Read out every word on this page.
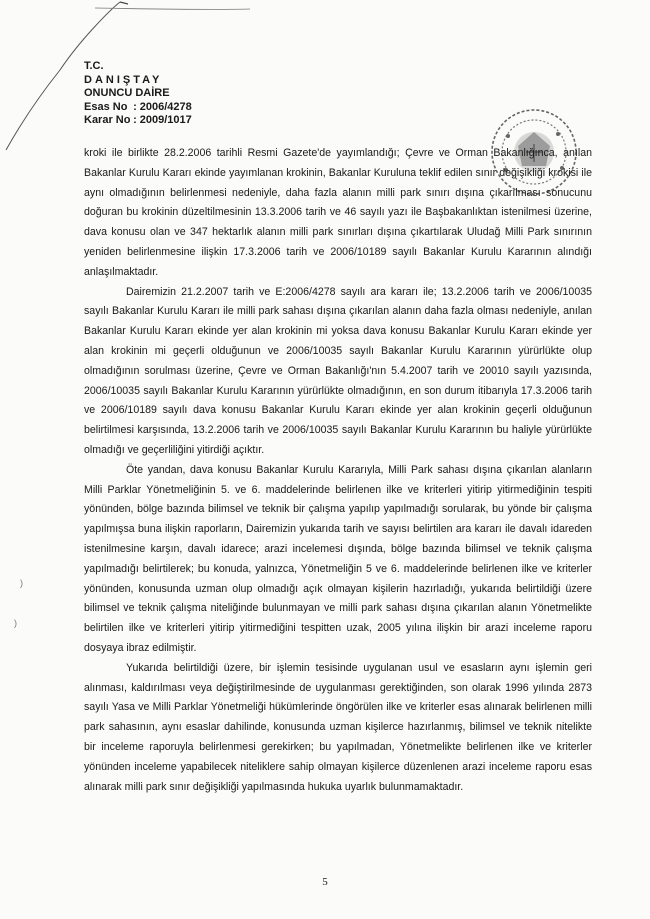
T.C.
DANIŞTAY
ONUNCU DAİRE
Esas No : 2006/4278
Karar No : 2009/1017

kroki ile birlikte 28.2.2006 tarihli Resmi Gazete'de yayımlandığı; Çevre ve Orman Bakanlığınca, anılan Bakanlar Kurulu Kararı ekinde yayımlanan krokinin, Bakanlar Kuruluna teklif edilen sınır değişikliği krokisi ile aynı olmadığının belirlenmesi nedeniyle, daha fazla alanın milli park sınırı dışına çıkarılması sonucunu doğuran bu krokinin düzeltilmesinin 13.3.2006 tarih ve 46 sayılı yazı ile Başbakanlıktan istenilmesi üzerine, dava konusu olan ve 347 hektarlık alanın milli park sınırları dışına çıkartılarak Uludağ Milli Park sınırının yeniden belirlenmesine ilişkin 17.3.2006 tarih ve 2006/10189 sayılı Bakanlar Kurulu Kararının alındığı anlaşılmaktadır.

Dairemizin 21.2.2007 tarih ve E:2006/4278 sayılı ara kararı ile; 13.2.2006 tarih ve 2006/10035 sayılı Bakanlar Kurulu Kararı ile milli park sahası dışına çıkarılan alanın daha fazla olması nedeniyle, anılan Bakanlar Kurulu Kararı ekinde yer alan krokinin mi yoksa dava konusu Bakanlar Kurulu Kararı ekinde yer alan krokinin mi geçerli olduğunun ve 2006/10035 sayılı Bakanlar Kurulu Kararının yürürlükte olup olmadığının sorulması üzerine, Çevre ve Orman Bakanlığı'nın 5.4.2007 tarih ve 20010 sayılı yazısında, 2006/10035 sayılı Bakanlar Kurulu Kararının yürürlükte olmadığının, en son durum itibarıyla 17.3.2006 tarih ve 2006/10189 sayılı dava konusu Bakanlar Kurulu Kararı ekinde yer alan krokinin geçerli olduğunun belirtilmesi karşısında, 13.2.2006 tarih ve 2006/10035 sayılı Bakanlar Kurulu Kararının bu haliyle yürürlükte olmadığı ve geçerliliğini yitirdiği açıktır.

Öte yandan, dava konusu Bakanlar Kurulu Kararıyla, Milli Park sahası dışına çıkarılan alanların Milli Parklar Yönetmeliğinin 5. ve 6. maddelerinde belirlenen ilke ve kriterleri yitirip yitirmediğinin tespiti yönünden, bölge bazında bilimsel ve teknik bir çalışma yapılıp yapılmadığı sorularak, bu yönde bir çalışma yapılmışsa buna ilişkin raporların, Dairemizin yukarıda tarih ve sayısı belirtilen ara kararı ile davalı idareden istenilmesine karşın, davalı idarece; arazi incelemesi dışında, bölge bazında bilimsel ve teknik çalışma yapılmadığı belirtilerek; bu konuda, yalnızca, Yönetmeliğin 5 ve 6. maddelerinde belirlenen ilke ve kriterler yönünden, konusunda uzman olup olmadığı açık olmayan kişilerin hazırladığı, yukarıda belirtildiği üzere bilimsel ve teknik çalışma niteliğinde bulunmayan ve milli park sahası dışına çıkarılan alanın Yönetmelikte belirtilen ilke ve kriterleri yitirip yitirmediğini tespitten uzak, 2005 yılına ilişkin bir arazi inceleme raporu dosyaya ibraz edilmiştir.

Yukarıda belirtildiği üzere, bir işlemin tesisinde uygulanan usul ve esasların aynı işlemin geri alınması, kaldırılması veya değiştirilmesinde de uygulanması gerektiğinden, son olarak 1996 yılında 2873 sayılı Yasa ve Milli Parklar Yönetmeliği hükümlerinde öngörülen ilke ve kriterler esas alınarak belirlenen milli park sahasının, aynı esaslar dahilinde, konusunda uzman kişilerce hazırlanmış, bilimsel ve teknik nitelikte bir inceleme raporuyla belirlenmesi gerekirken; bu yapılmadan, Yönetmelikte belirlenen ilke ve kriterler yönünden inceleme yapabilecek niteliklere sahip olmayan kişilerce düzenlenen arazi inceleme raporu esas alınarak milli park sınır değişikliği yapılmasında hukuka uyarlık bulunmamaktadır.

)
)
5
